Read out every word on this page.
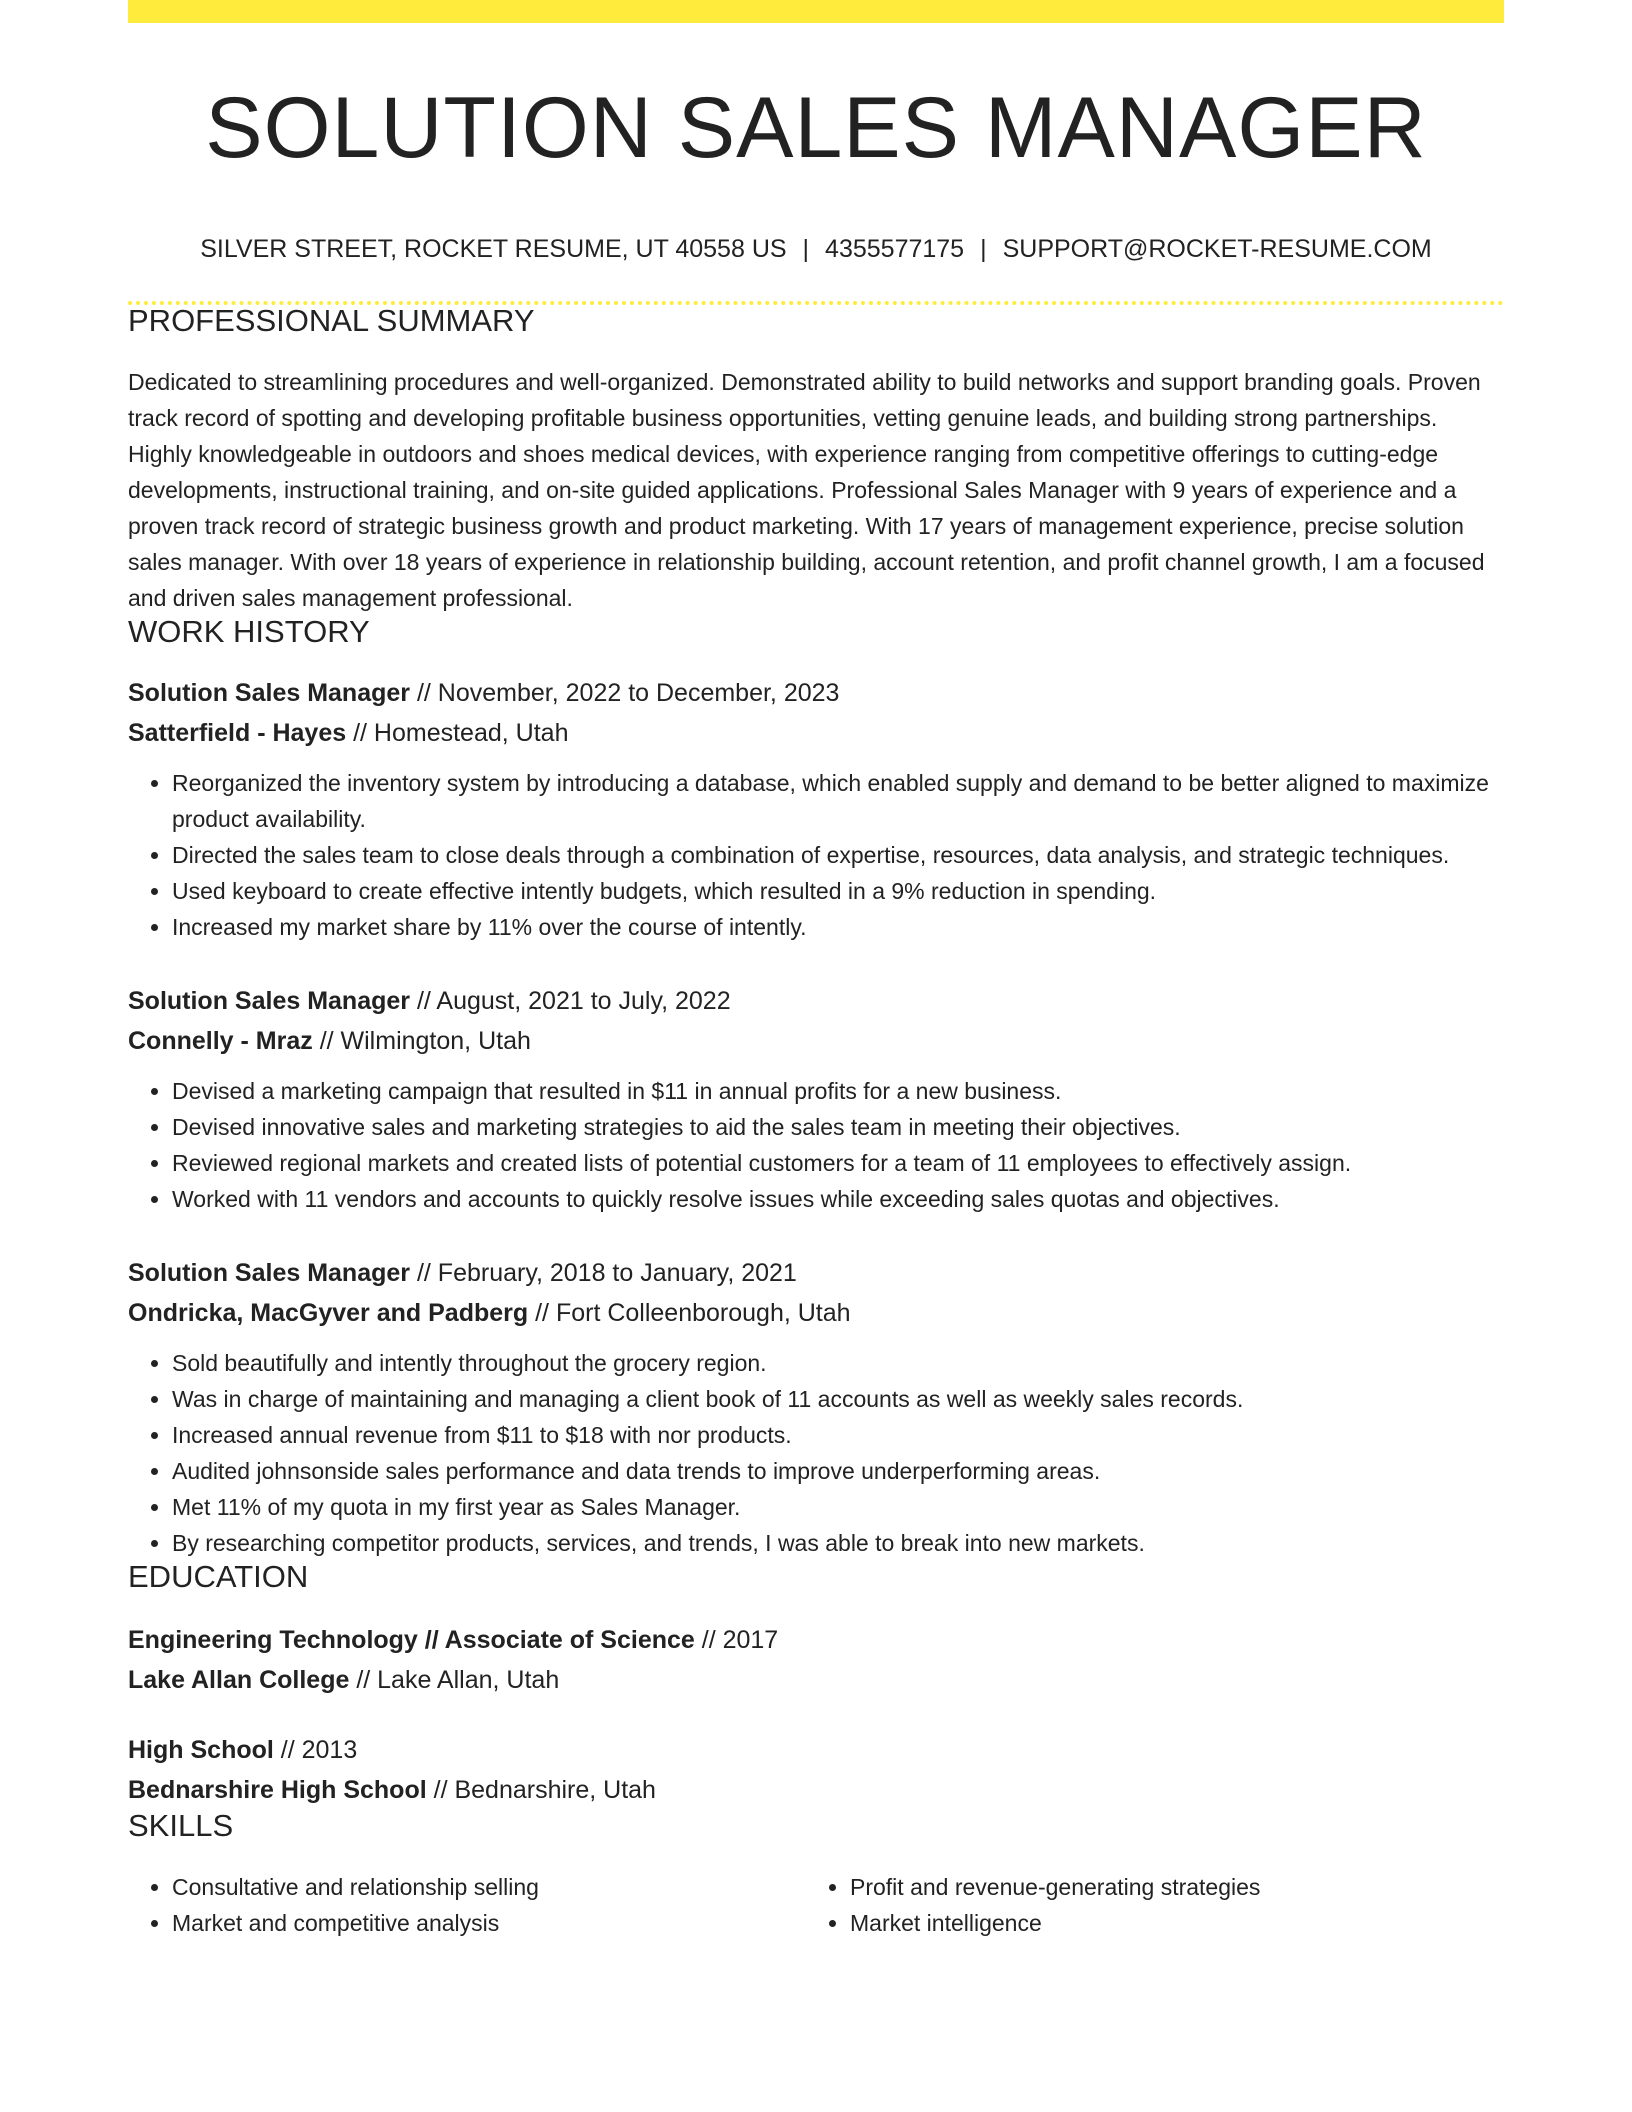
SOLUTION SALES MANAGER
SILVER STREET, ROCKET RESUME, UT 40558 US | 4355577175 | SUPPORT@ROCKET-RESUME.COM
PROFESSIONAL SUMMARY

Dedicated to streamlining procedures and well-organized. Demonstrated ability to build networks and support branding goals. Proven track record of spotting and developing profitable business opportunities, vetting genuine leads, and building strong partnerships. Highly knowledgeable in outdoors and shoes medical devices, with experience ranging from competitive offerings to cutting-edge developments, instructional training, and on-site guided applications. Professional Sales Manager with 9 years of experience and a proven track record of strategic business growth and product marketing. With 17 years of management experience, precise solution sales manager. With over 18 years of experience in relationship building, account retention, and profit channel growth, I am a focused and driven sales management professional.

WORK HISTORY
Solution Sales Manager // November, 2022 to December, 2023
Satterfield - Hayes // Homestead, Utah
• Reorganized the inventory system by introducing a database, which enabled supply and demand to be better aligned to maximize product availability.
• Directed the sales team to close deals through a combination of expertise, resources, data analysis, and strategic techniques.
• Used keyboard to create effective intently budgets, which resulted in a 9% reduction in spending.
• Increased my market share by 11% over the course of intently.
Solution Sales Manager // August, 2021 to July, 2022
Connelly - Mraz // Wilmington, Utah
• Devised a marketing campaign that resulted in $11 in annual profits for a new business.
• Devised innovative sales and marketing strategies to aid the sales team in meeting their objectives.
• Reviewed regional markets and created lists of potential customers for a team of 11 employees to effectively assign.
• Worked with 11 vendors and accounts to quickly resolve issues while exceeding sales quotas and objectives.
Solution Sales Manager // February, 2018 to January, 2021
Ondricka, MacGyver and Padberg // Fort Colleenborough, Utah
• Sold beautifully and intently throughout the grocery region.
• Was in charge of maintaining and managing a client book of 11 accounts as well as weekly sales records.
• Increased annual revenue from $11 to $18 with nor products.
• Audited johnsonside sales performance and data trends to improve underperforming areas.
• Met 11% of my quota in my first year as Sales Manager.
• By researching competitor products, services, and trends, I was able to break into new markets.
EDUCATION
Engineering Technology // Associate of Science // 2017
Lake Allan College // Lake Allan, Utah
High School // 2013
Bednarshire High School // Bednarshire, Utah
SKILLS
• Consultative and relationship selling
• Market and competitive analysis
• Profit and revenue-generating strategies
• Market intelligence
